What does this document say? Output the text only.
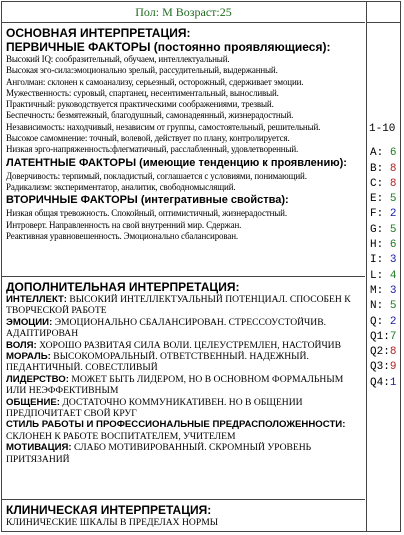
Пол: М Возраст:25
ОСНОВНАЯ ИНТЕРПРЕТАЦИЯ:
ПЕРВИЧНЫЕ ФАКТОРЫ (постоянно проявляющиеся):
Высокий IQ: сообразительный, обучаем, интеллектуальный.
Высокая эго-сила:эмоционально зрелый, рассудительный, выдержанный.
Анголман: склонен к самоанализу, серьезный, осторожный, сдерживает эмоции.
Мужественность: суровый, спартанец, несентиментальный, выносливый.
Практичный: руководствуется практическими соображениями, трезвый.
Беспечность: безмятежный, благодушный, самонадеянный, жизнерадостный.
Независимость: находчивый, независим от группы, самостоятельный, решительный.
Высокое самомнение: точный, волевой, действует по плану, контролируется.
Низкая эрго-напряженность:флегматичный, расслабленный, удовлетворенный.
ЛАТЕНТНЫЕ ФАКТОРЫ (имеющие тенденцию к проявлению):
Доверчивость: терпимый, покладистый, соглашается с условиями, понимающий.
Радикализм: экспериментатор, аналитик, свободномыслящий.
ВТОРИЧНЫЕ ФАКТОРЫ (интегративные свойства):
Низкая общая тревожность. Спокойный, оптимистичный, жизнерадостный.
Интроверт. Направленность на свой внутренний мир. Сдержан.
Реактивная уравновешенность. Эмоционально сбалансирован.
ДОПОЛНИТЕЛЬНАЯ ИНТЕРПРЕТАЦИЯ:
ИНТЕЛЛЕКТ: ВЫСОКИЙ ИНТЕЛЛЕКТУАЛЬНЫЙ ПОТЕНЦИАЛ. СПОСОБЕН К ТВОРЧЕСКОЙ РАБОТЕ
ЭМОЦИИ: ЭМОЦИОНАЛЬНО СБАЛАНСИРОВАН. СТРЕССОУСТОЙЧИВ. АДАПТИРОВАН
ВОЛЯ: ХОРОШО РАЗВИТАЯ СИЛА ВОЛИ. ЦЕЛЕУСТРЕМЛЕН, НАСТОЙЧИВ
МОРАЛЬ: ВЫСОКОМОРАЛЬНЫЙ. ОТВЕТСТВЕННЫЙ. НАДЕЖНЫЙ. ПЕДАНТИЧНЫЙ. СОВЕСТЛИВЫЙ
ЛИДЕРСТВО: МОЖЕТ БЫТЬ ЛИДЕРОМ, НО В ОСНОВНОМ ФОРМАЛЬНЫМ ИЛИ НЕЭФФЕКТИВНЫМ
ОБЩЕНИЕ: ДОСТАТОЧНО КОММУНИКАТИВЕН. НО В ОБЩЕНИИ ПРЕДПОЧИТАЕТ СВОЙ КРУГ
СТИЛЬ РАБОТЫ И ПРОФЕССИОНАЛЬНЫЕ ПРЕДРАСПОЛОЖЕННОСТИ: СКЛОНЕН К РАБОТЕ ВОСПИТАТЕЛЕМ, УЧИТЕЛЕМ
МОТИВАЦИЯ: СЛАБО МОТИВИРОВАННЫЙ. СКРОМНЫЙ УРОВЕНЬ ПРИТЯЗАНИЙ
КЛИНИЧЕСКАЯ ИНТЕРПРЕТАЦИЯ:
КЛИНИЧЕСКИЕ ШКАЛЫ В ПРЕДЕЛАХ НОРМЫ
1-10
A: 6
B: 8
C: 8
E: 5
F: 2
G: 5
H: 6
I: 3
L: 4
M: 3
N: 5
Q: 2
Q1:7
Q2:8
Q3:9
Q4:1
